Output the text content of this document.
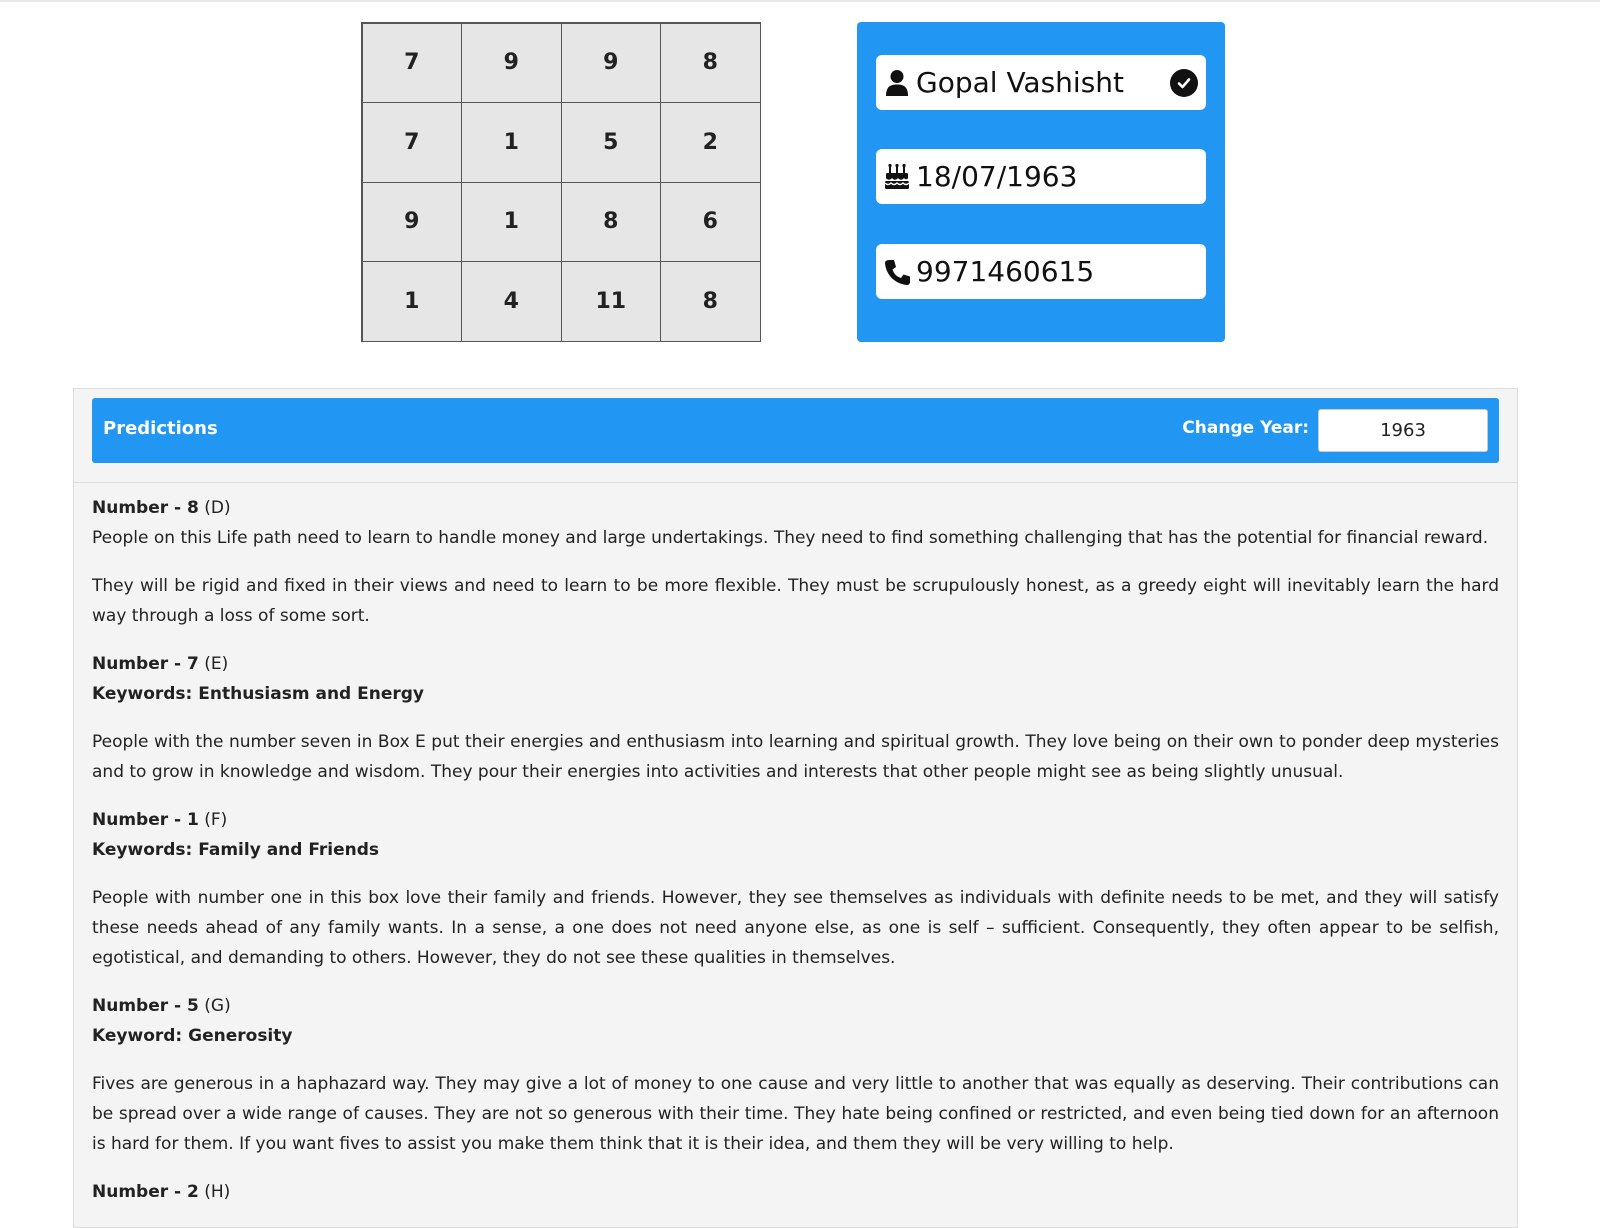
7	9	9	8
7	1	5	2
9	1	8	6
1	4	11	8
Gopal Vashisht
18/07/1963
9971460615
Predictions	Change Year:
1963
Number - 8 (D)

People on this Life path need to learn to handle money and large undertakings. They need to find something challenging that has the potential for financial reward.

They will be rigid and fixed in their views and need to learn to be more flexible. They must be scrupulously honest, as a greedy eight will inevitably learn the hard way through a loss of some sort.

Number - 7 (E)
Keywords: Enthusiasm and Energy

People with the number seven in Box E put their energies and enthusiasm into learning and spiritual growth. They love being on their own to ponder deep mysteries and to grow in knowledge and wisdom. They pour their energies into activities and interests that other people might see as being slightly unusual.

Number - 1 (F)
Keywords: Family and Friends

People with number one in this box love their family and friends. However, they see themselves as individuals with definite needs to be met, and they will satisfy these needs ahead of any family wants. In a sense, a one does not need anyone else, as one is self – sufficient. Consequently, they often appear to be selfish, egotistical, and demanding to others. However, they do not see these qualities in themselves.

Number - 5 (G)
Keyword: Generosity

Fives are generous in a haphazard way. They may give a lot of money to one cause and very little to another that was equally as deserving. Their contributions can be spread over a wide range of causes. They are not so generous with their time. They hate being confined or restricted, and even being tied down for an afternoon is hard for them. If you want fives to assist you make them think that it is their idea, and them they will be very willing to help.

Number - 2 (H)
